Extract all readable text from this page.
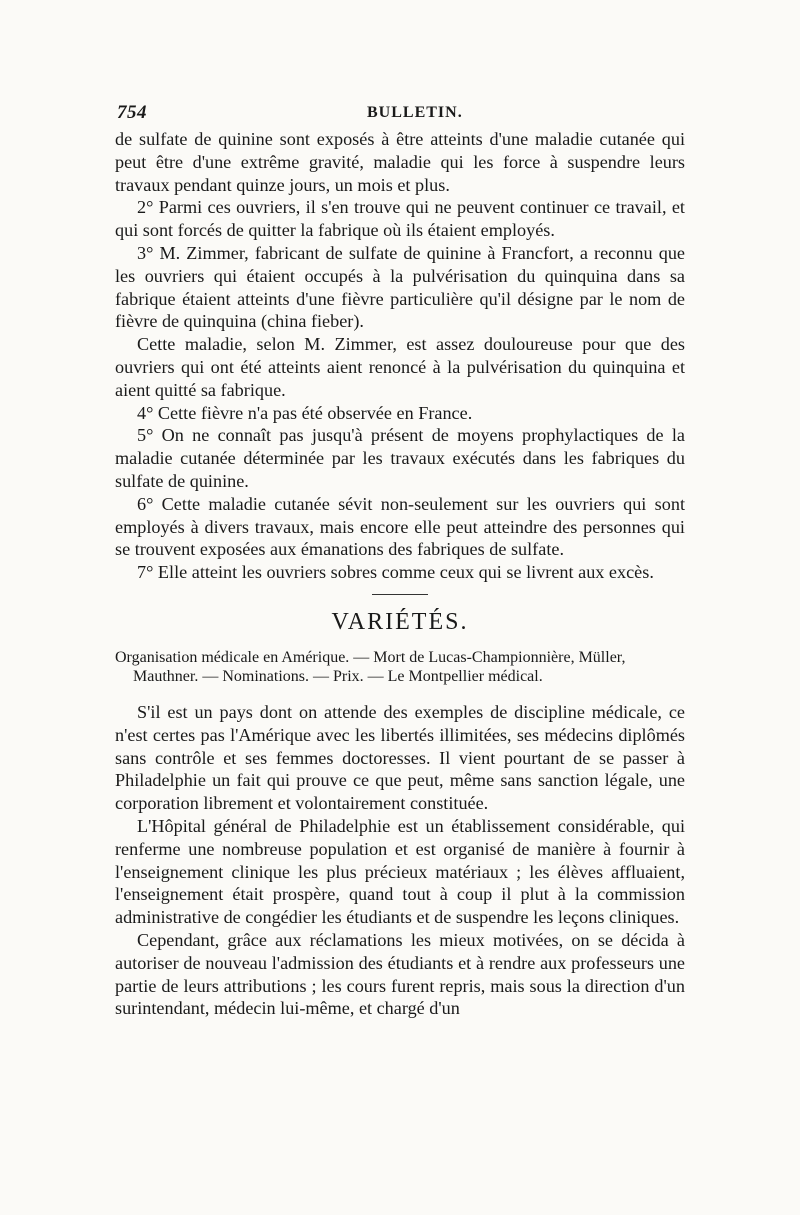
754	BULLETIN.

de sulfate de quinine sont exposés à être atteints d'une maladie cutanée qui peut être d'une extrême gravité, maladie qui les force à suspendre leurs travaux pendant quinze jours, un mois et plus.

2° Parmi ces ouvriers, il s'en trouve qui ne peuvent continuer ce travail, et qui sont forcés de quitter la fabrique où ils étaient employés.

3° M. Zimmer, fabricant de sulfate de quinine à Francfort, a reconnu que les ouvriers qui étaient occupés à la pulvérisation du quinquina dans sa fabrique étaient atteints d'une fièvre particulière qu'il désigne par le nom de fièvre de quinquina (china fieber).

Cette maladie, selon M. Zimmer, est assez douloureuse pour que des ouvriers qui ont été atteints aient renoncé à la pulvérisation du quinquina et aient quitté sa fabrique.

4° Cette fièvre n'a pas été observée en France.

5° On ne connaît pas jusqu'à présent de moyens prophylactiques de la maladie cutanée déterminée par les travaux exécutés dans les fabriques du sulfate de quinine.

6° Cette maladie cutanée sévit non-seulement sur les ouvriers qui sont employés à divers travaux, mais encore elle peut atteindre des personnes qui se trouvent exposées aux émanations des fabriques de sulfate.

7° Elle atteint les ouvriers sobres comme ceux qui se livrent aux excès.

VARIÉTÉS.
Organisation médicale en Amérique. — Mort de Lucas-Championnière, Müller,
Mauthner. — Nominations. — Prix. — Le Montpellier médical.

S'il est un pays dont on attende des exemples de discipline médicale, ce n'est certes pas l'Amérique avec les libertés illimitées, ses médecins diplômés sans contrôle et ses femmes doctoresses. Il vient pourtant de se passer à Philadelphie un fait qui prouve ce que peut, même sans sanction légale, une corporation librement et volontairement constituée.

L'Hôpital général de Philadelphie est un établissement considérable, qui renferme une nombreuse population et est organisé de manière à fournir à l'enseignement clinique les plus précieux matériaux ; les élèves affluaient, l'enseignement était prospère, quand tout à coup il plut à la commission administrative de congédier les étudiants et de suspendre les leçons cliniques.

Cependant, grâce aux réclamations les mieux motivées, on se décida à autoriser de nouveau l'admission des étudiants et à rendre aux professeurs une partie de leurs attributions ; les cours furent repris, mais sous la direction d'un surintendant, médecin lui-même, et chargé d'un
